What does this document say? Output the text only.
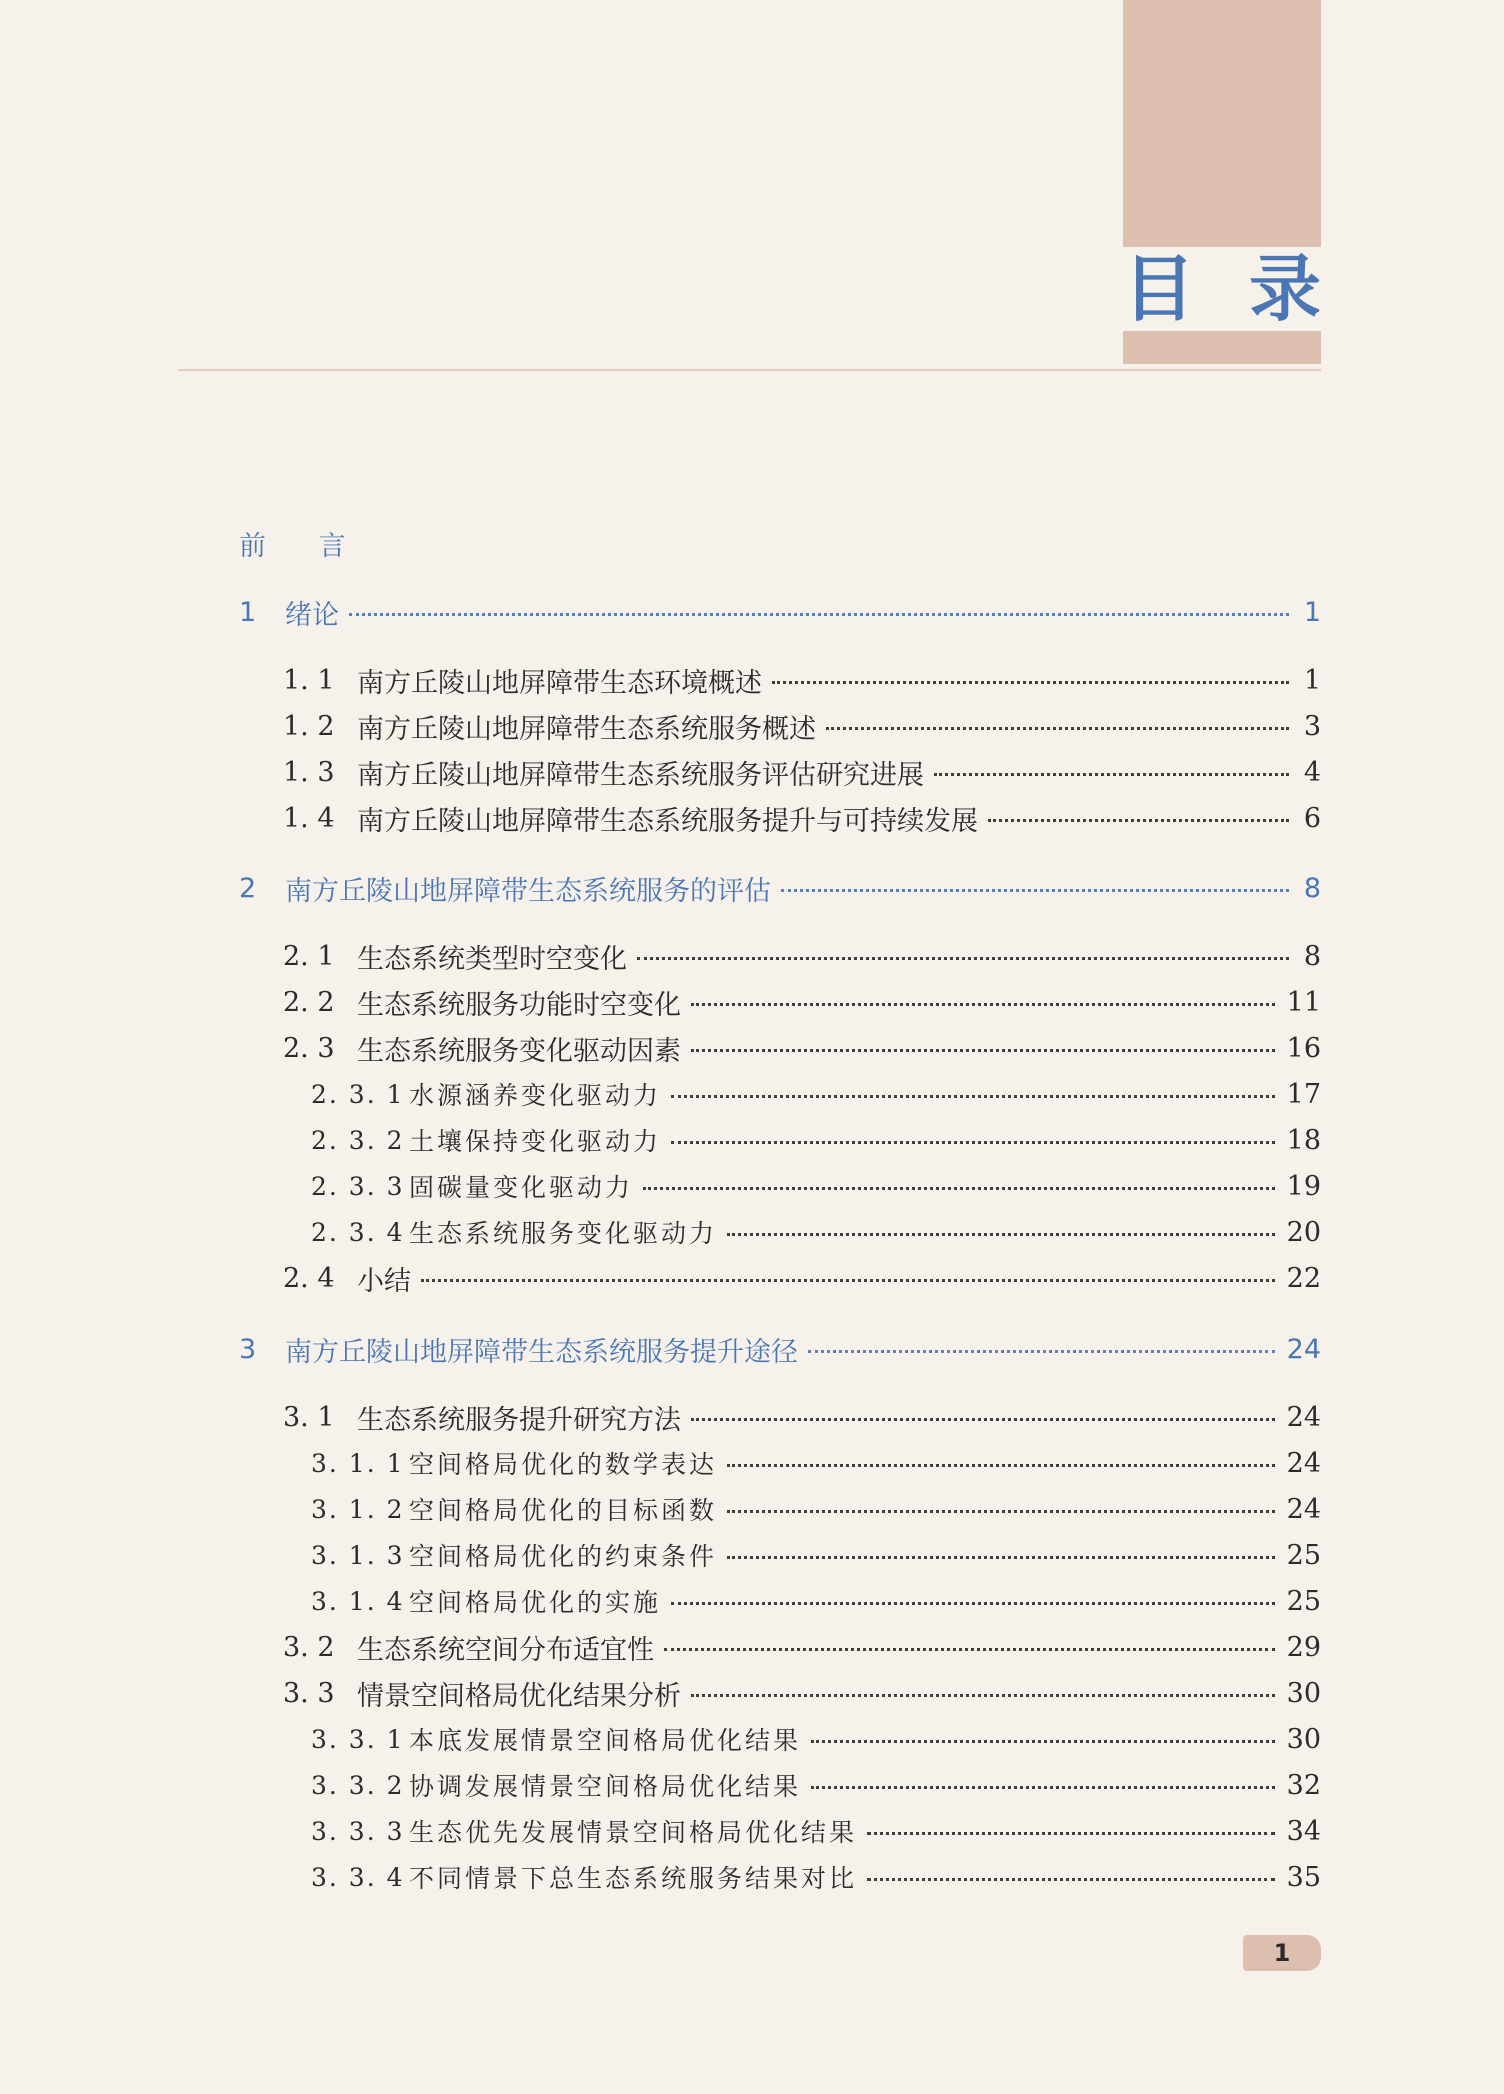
目 录
前 言
1	绪论	1
1. 1 南方丘陵山地屏障带生态环境概述	1
1. 2 南方丘陵山地屏障带生态系统服务概述	3
1. 3 南方丘陵山地屏障带生态系统服务评估研究进展	4
1. 4 南方丘陵山地屏障带生态系统服务提升与可持续发展	6
2	南方丘陵山地屏障带生态系统服务的评估	8
2. 1 生态系统类型时空变化	8
2. 2 生态系统服务功能时空变化	11
2. 3 生态系统服务变化驱动因素	16
2. 3. 1 水源涵养变化驱动力	17
2. 3. 2 土壤保持变化驱动力	18
2. 3. 3 固碳量变化驱动力	19
2. 3. 4 生态系统服务变化驱动力	20
2. 4 小结	22
3	南方丘陵山地屏障带生态系统服务提升途径	24
3. 1 生态系统服务提升研究方法	24
3. 1. 1 空间格局优化的数学表达	24
3. 1. 2 空间格局优化的目标函数	24
3. 1. 3 空间格局优化的约束条件	25
3. 1. 4 空间格局优化的实施	25
3. 2 生态系统空间分布适宜性	29
3. 3 情景空间格局优化结果分析	30
3. 3. 1 本底发展情景空间格局优化结果	30
3. 3. 2 协调发展情景空间格局优化结果	32
3. 3. 3 生态优先发展情景空间格局优化结果	34
3. 3. 4 不同情景下总生态系统服务结果对比	35
1
